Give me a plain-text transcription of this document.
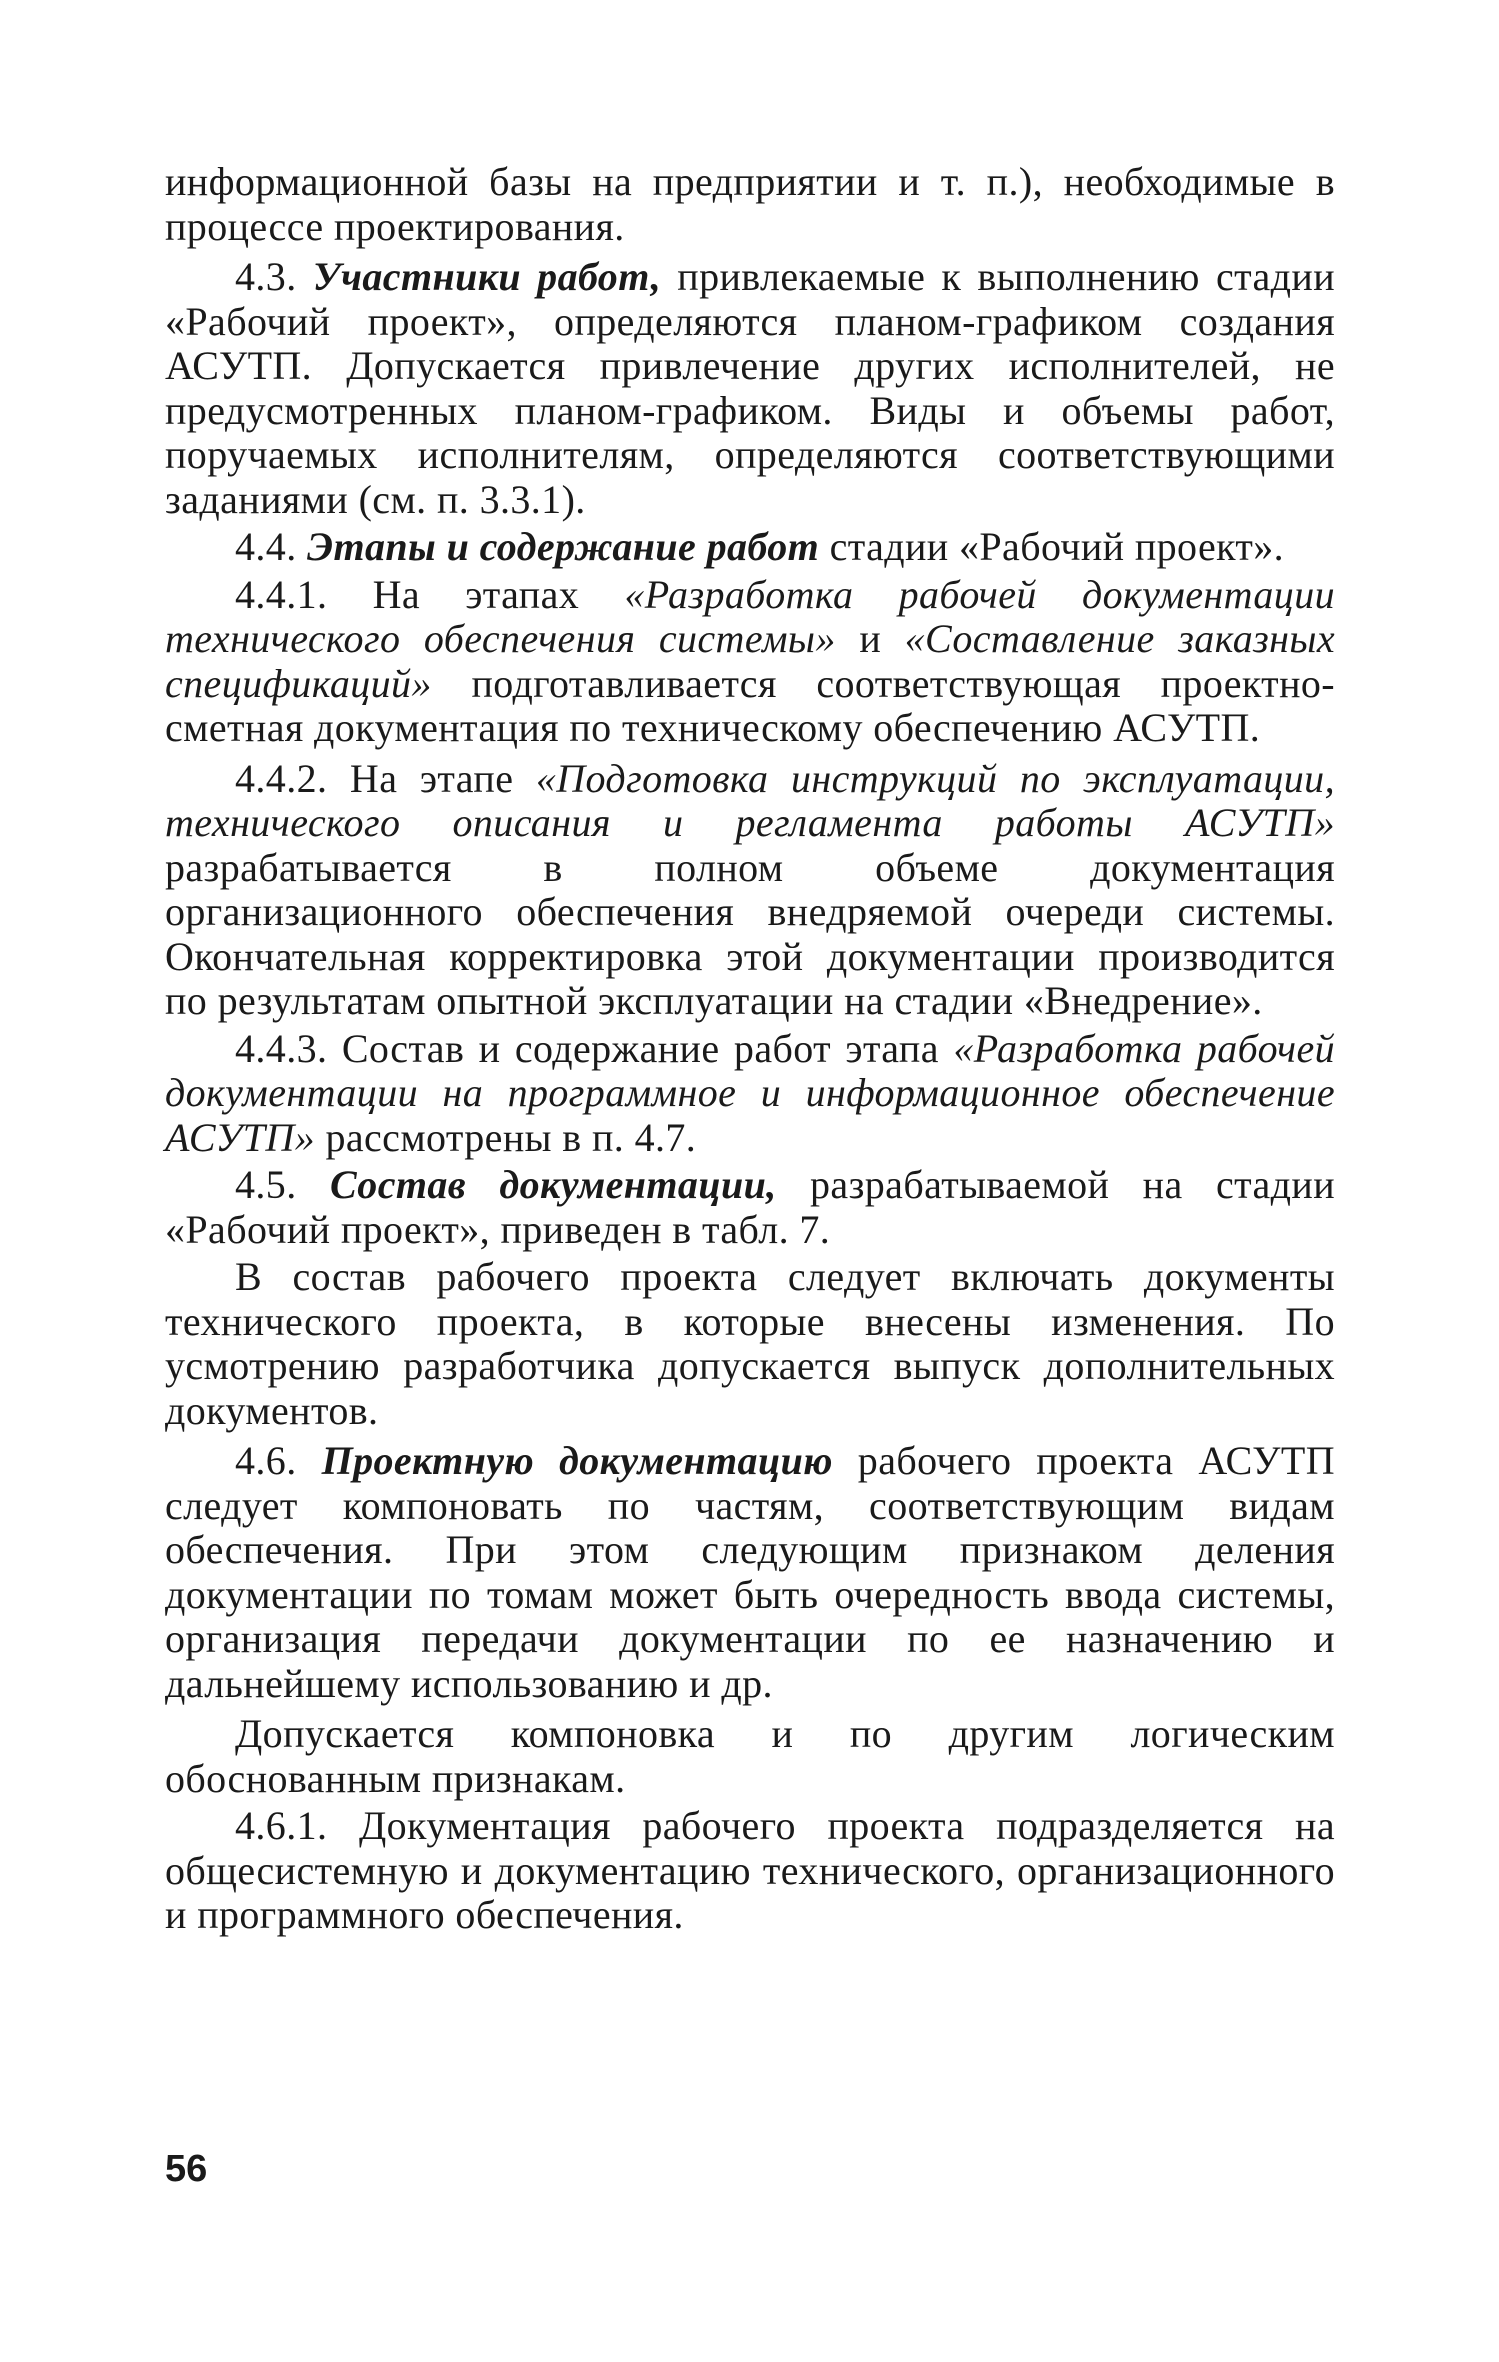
информационной базы на предприятии и т. п.), необходимые в процессе проектирования.

4.3. Участники работ, привлекаемые к выполнению стадии «Рабочий проект», определяются планом-графиком создания АСУТП. Допускается привлечение других исполнителей, не предусмотренных планом-графиком. Виды и объемы работ, поручаемых исполнителям, определяются соответствующими заданиями (см. п. 3.3.1).

4.4. Этапы и содержание работ стадии «Рабочий проект».

4.4.1. На этапах «Разработка рабочей документации технического обеспечения системы» и «Составление заказных спецификаций» подготавливается соответствующая проектно-сметная документация по техническому обеспечению АСУТП.

4.4.2. На этапе «Подготовка инструкций по эксплуатации, технического описания и регламента работы АСУТП» разрабатывается в полном объеме документация организационного обеспечения внедряемой очереди системы. Окончательная корректировка этой документации производится по результатам опытной эксплуатации на стадии «Внедрение».

4.4.3. Состав и содержание работ этапа «Разработка рабочей документации на программное и информационное обеспечение АСУТП» рассмотрены в п. 4.7.

4.5. Состав документации, разрабатываемой на стадии «Рабочий проект», приведен в табл. 7.

В состав рабочего проекта следует включать документы технического проекта, в которые внесены изменения. По усмотрению разработчика допускается выпуск дополнительных документов.

4.6. Проектную документацию рабочего проекта АСУТП следует компоновать по частям, соответствующим видам обеспечения. При этом следующим признаком деления документации по томам может быть очередность ввода системы, организация передачи документации по ее назначению и дальнейшему использованию и др.

Допускается компоновка и по другим логическим обоснованным признакам.

4.6.1. Документация рабочего проекта подразделяется на общесистемную и документацию технического, организационного и программного обеспечения.

56
